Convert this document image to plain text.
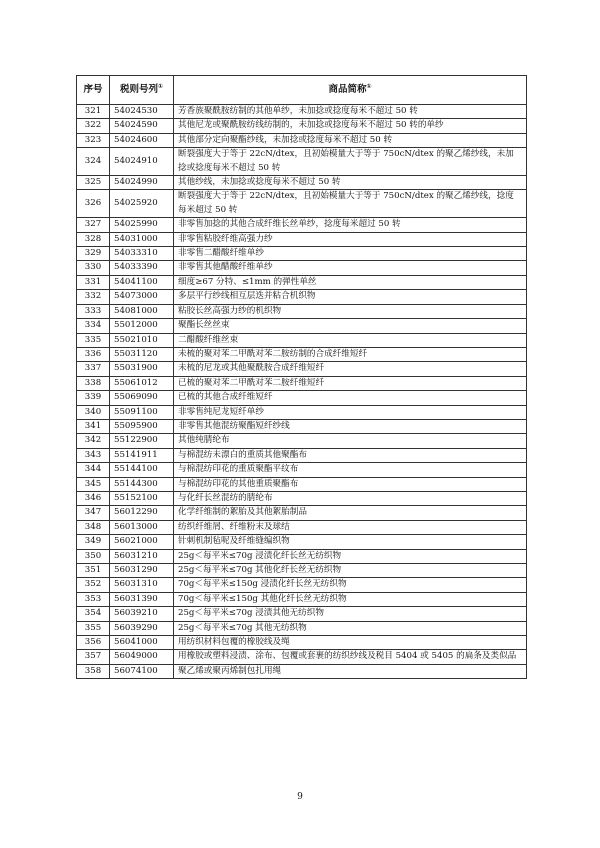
序号	税则号列①	商品简称①
321	54024530	芳香族聚酰胺纺制的其他单纱，未加捻或捻度每米不超过 50 转
322	54024590	其他尼龙或聚酰胺纺线纺制的，未加捻或捻度每米不超过 50 转的单纱
323	54024600	其他部分定向聚酯纱线，未加捻或捻度每米不超过 50 转
324	54024910	断裂强度大于等于 22cN/dtex，且初始模量大于等于 750cN/dtex 的聚乙烯纱线，未加捻或捻度每米不超过 50 转
325	54024990	其他纱线，未加捻或捻度每米不超过 50 转
326	54025920	断裂强度大于等于 22cN/dtex，且初始模量大于等于 750cN/dtex 的聚乙烯纱线，捻度每米超过 50 转
327	54025990	非零售加捻的其他合成纤维长丝单纱，捻度每米超过 50 转
328	54031000	非零售粘胶纤维高强力纱
329	54033310	非零售二醋酸纤维单纱
330	54033390	非零售其他醋酸纤维单纱
331	54041100	细度≥67 分特、≤1mm 的弹性单丝
332	54073000	多层平行纱线相互层迭并粘合机织物
333	54081000	粘胶长丝高强力纱的机织物
334	55012000	聚酯长丝丝束
335	55021010	二醋酸纤维丝束
336	55031120	未梳的聚对苯二甲酰对苯二胺纺制的合成纤维短纤
337	55031900	未梳的尼龙或其他聚酰胺合成纤维短纤
338	55061012	已梳的聚对苯二甲酰对苯二胺纤维短纤
339	55069090	已梳的其他合成纤维短纤
340	55091100	非零售纯尼龙短纤单纱
341	55095900	非零售其他混纺聚酯短纤纱线
342	55122900	其他纯腈纶布
343	55141911	与棉混纺未漂白的重质其他聚酯布
344	55144100	与棉混纺印花的重质聚酯平纹布
345	55144300	与棉混纺印花的其他重质聚酯布
346	55152100	与化纤长丝混纺的腈纶布
347	56012290	化学纤维制的絮胎及其他絮胎制品
348	56013000	纺织纤维屑、纤维粉末及球结
349	56021000	针刺机制毡呢及纤维缝编织物
350	56031210	25g＜每平米≤70g 浸渍化纤长丝无纺织物
351	56031290	25g＜每平米≤70g 其他化纤长丝无纺织物
352	56031310	70g＜每平米≤150g 浸渍化纤长丝无纺织物
353	56031390	70g＜每平米≤150g 其他化纤长丝无纺织物
354	56039210	25g＜每平米≤70g 浸渍其他无纺织物
355	56039290	25g＜每平米≤70g 其他无纺织物
356	56041000	用纺织材料包覆的橡胶线及绳
357	56049000	用橡胶或塑料浸渍、涂布、包覆或套裹的纺织纱线及税目 5404 或 5405 的扁条及类似品
358	56074100	聚乙烯或聚丙烯制包扎用绳
9
